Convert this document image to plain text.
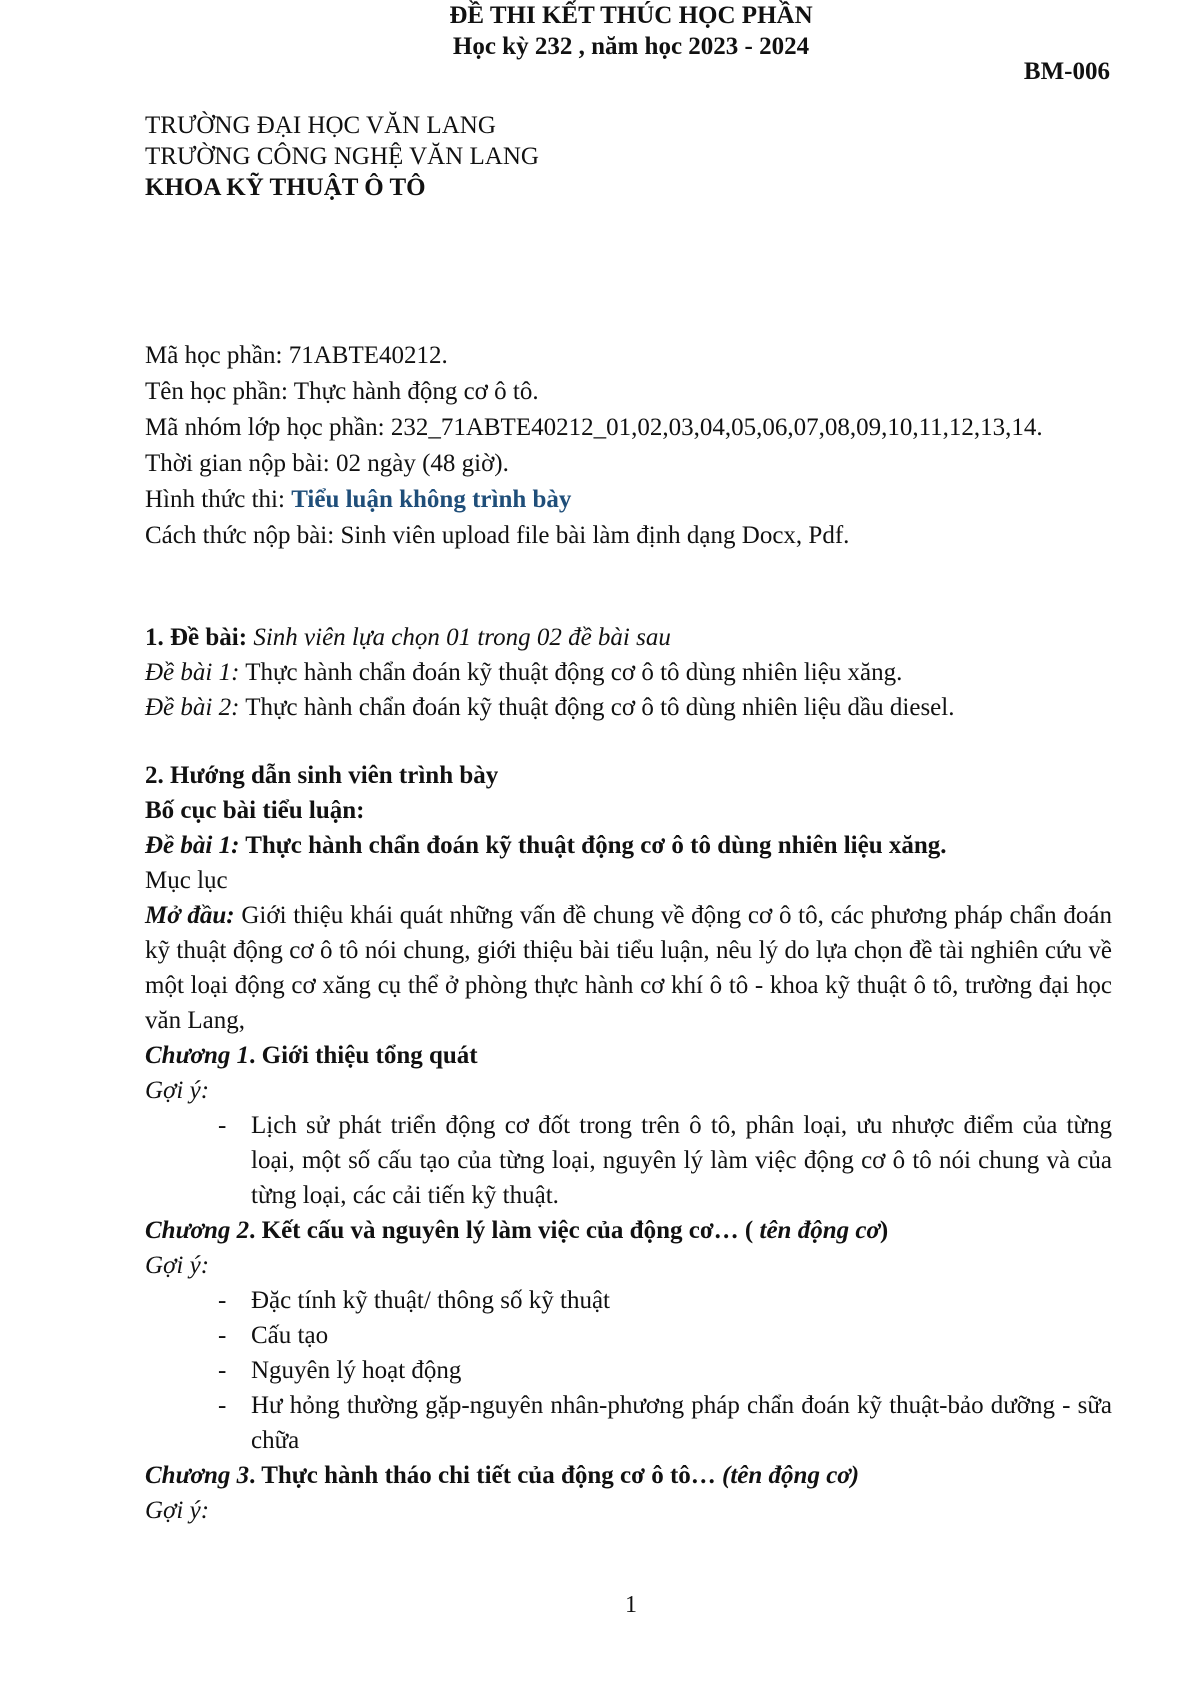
BM-006
TRƯỜNG ĐẠI HỌC VĂN LANG
TRƯỜNG CÔNG NGHỆ VĂN LANG
KHOA KỸ THUẬT Ô TÔ
ĐỀ THI KẾT THÚC HỌC PHẦN
Học kỳ 232 , năm học 2023 - 2024
Mã học phần: 71ABTE40212.
Tên học phần: Thực hành động cơ ô tô.
Mã nhóm lớp học phần: 232_71ABTE40212_01,02,03,04,05,06,07,08,09,10,11,12,13,14.
Thời gian nộp bài: 02 ngày (48 giờ).
Hình thức thi: Tiểu luận không trình bày
Cách thức nộp bài: Sinh viên upload file bài làm định dạng Docx, Pdf.
1. Đề bài: Sinh viên lựa chọn 01 trong 02 đề bài sau
Đề bài 1: Thực hành chẩn đoán kỹ thuật động cơ ô tô dùng nhiên liệu xăng.
Đề bài 2: Thực hành chẩn đoán kỹ thuật động cơ ô tô dùng nhiên liệu dầu diesel.
2. Hướng dẫn sinh viên trình bày
Bố cục bài tiểu luận:
Đề bài 1: Thực hành chẩn đoán kỹ thuật động cơ ô tô dùng nhiên liệu xăng.
Mục lục
Mở đầu: Giới thiệu khái quát những vấn đề chung về động cơ ô tô, các phương pháp chẩn đoán kỹ thuật động cơ ô tô nói chung, giới thiệu bài tiểu luận, nêu lý do lựa chọn đề tài nghiên cứu về một loại động cơ xăng cụ thể ở phòng thực hành cơ khí ô tô - khoa kỹ thuật ô tô, trường đại học văn Lang,
Chương 1. Giới thiệu tổng quát
Gợi ý:
- Lịch sử phát triển động cơ đốt trong trên ô tô, phân loại, ưu nhược điểm của từng loại, một số cấu tạo của từng loại, nguyên lý làm việc động cơ ô tô nói chung và của từng loại, các cải tiến kỹ thuật.
Chương 2. Kết cấu và nguyên lý làm việc của động cơ… ( tên động cơ)
Gợi ý:
- Đặc tính kỹ thuật/ thông số kỹ thuật
- Cấu tạo
- Nguyên lý hoạt động
- Hư hỏng thường gặp-nguyên nhân-phương pháp chẩn đoán kỹ thuật-bảo dưỡng - sữa chữa
Chương 3. Thực hành tháo chi tiết của động cơ ô tô… (tên động cơ)
Gợi ý:
1
